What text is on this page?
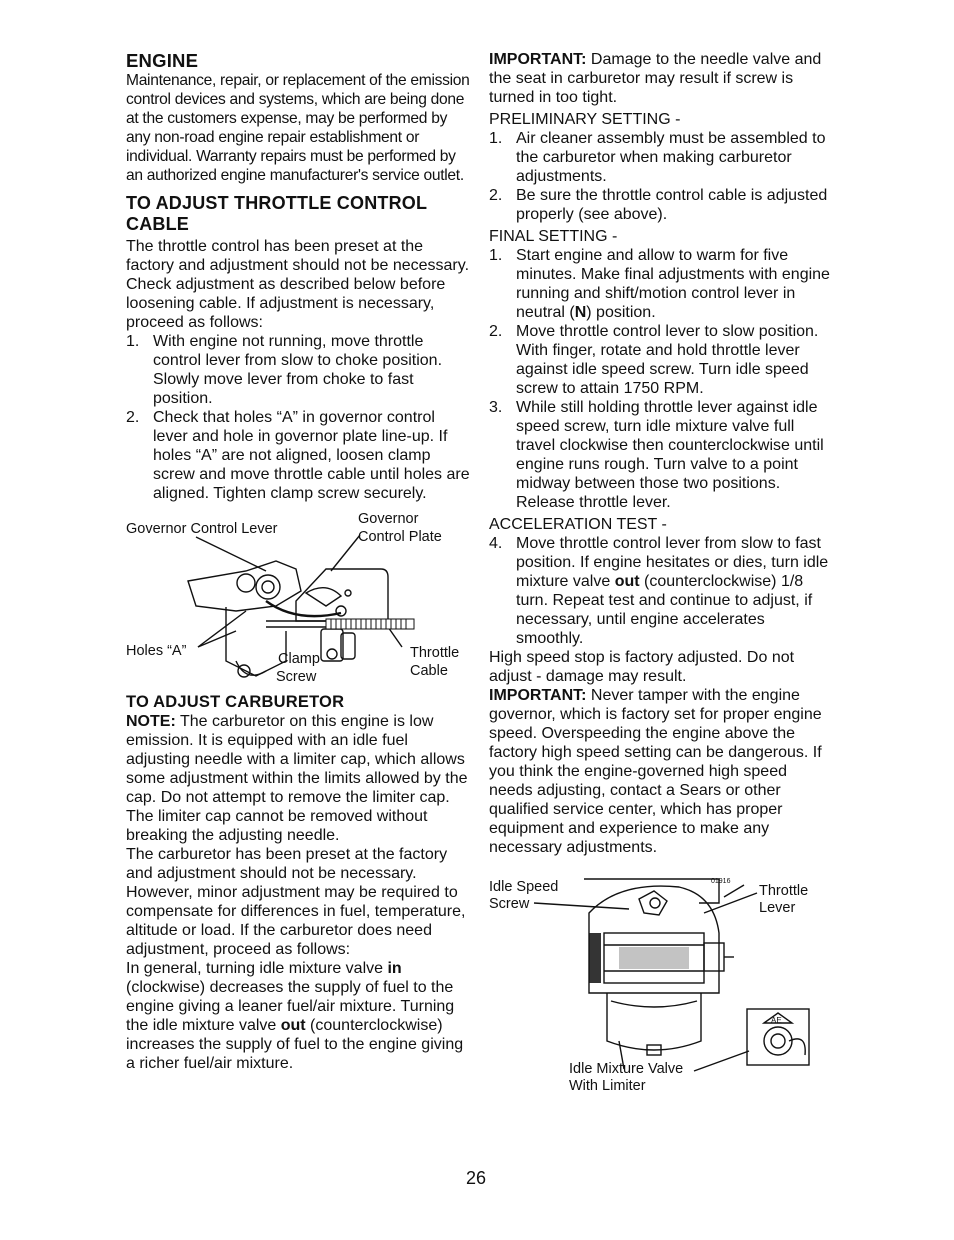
ENGINE

Maintenance, repair, or replacement of the emission control devices and systems, which are being done at the customers expense, may be performed by any non-road engine repair establishment or individual. Warranty repairs must be performed by an authorized engine manufacturer's service outlet.

TO ADJUST THROTTLE CONTROL CABLE

The throttle control has been preset at the factory and adjustment should not be necessary. Check adjustment as described below before loosening cable. If adjustment is necessary, proceed as follows:

1. With engine not running, move throttle control lever from slow to choke position. Slowly move lever from choke to fast position.
2. Check that holes “A” in governor control lever and hole in governor plate line-up. If holes “A” are not aligned, loosen clamp screw and move throttle cable until holes are aligned. Tighten clamp screw securely.
Governor Control Lever
Governor
Control Plate
Holes “A”	Clamp
Screw
Throttle
Cable
TO ADJUST CARBURETOR

NOTE: The carburetor on this engine is low emission. It is equipped with an idle fuel adjusting needle with a limiter cap, which allows some adjustment within the limits allowed by the cap. Do not attempt to remove the limiter cap. The limiter cap cannot be removed without breaking the adjusting needle.

The carburetor has been preset at the factory and adjustment should not be necessary. However, minor adjustment may be required to compensate for differences in fuel, temperature, altitude or load. If the carburetor does need adjustment, proceed as follows:

In general, turning idle mixture valve in (clockwise) decreases the supply of fuel to the engine giving a leaner fuel/air mixture. Turning the idle mixture valve out (counterclockwise) increases the supply of fuel to the engine giving a richer fuel/air mixture.

IMPORTANT: Damage to the needle valve and the seat in carburetor may result if screw is turned in too tight.

PRELIMINARY SETTING -
1. Air cleaner assembly must be assembled to the carburetor when making carburetor adjustments.
2. Be sure the throttle control cable is adjusted properly (see above).
FINAL SETTING -
1. Start engine and allow to warm for five minutes. Make final adjustments with engine running and shift/motion control lever in neutral (N) position.
2. Move throttle control lever to slow position. With finger, rotate and hold throttle lever against idle speed screw. Turn idle speed screw to attain 1750 RPM.
3. While still holding throttle lever against idle speed screw, turn idle mixture valve full travel clockwise then counterclockwise until engine runs rough. Turn valve to a point midway between those two positions. Release throttle lever.
ACCELERATION TEST -
4. Move throttle control lever from slow to fast position. If engine hesitates or dies, turn idle mixture valve out (counterclockwise) 1/8 turn. Repeat test and continue to adjust, if necessary, until engine accelerates smoothly.

High speed stop is factory adjusted. Do not adjust - damage may result.

IMPORTANT: Never tamper with the engine governor, which is factory set for proper engine speed. Overspeeding the engine above the factory high speed setting can be dangerous. If you think the engine-governed high speed needs adjusting, contact a Sears or other qualified service center, which has proper equipment and experience to make any necessary adjustments.

Idle Speed
Screw
Throttle
Lever
Idle Mixture Valve
With Limiter
01916
AE
26
